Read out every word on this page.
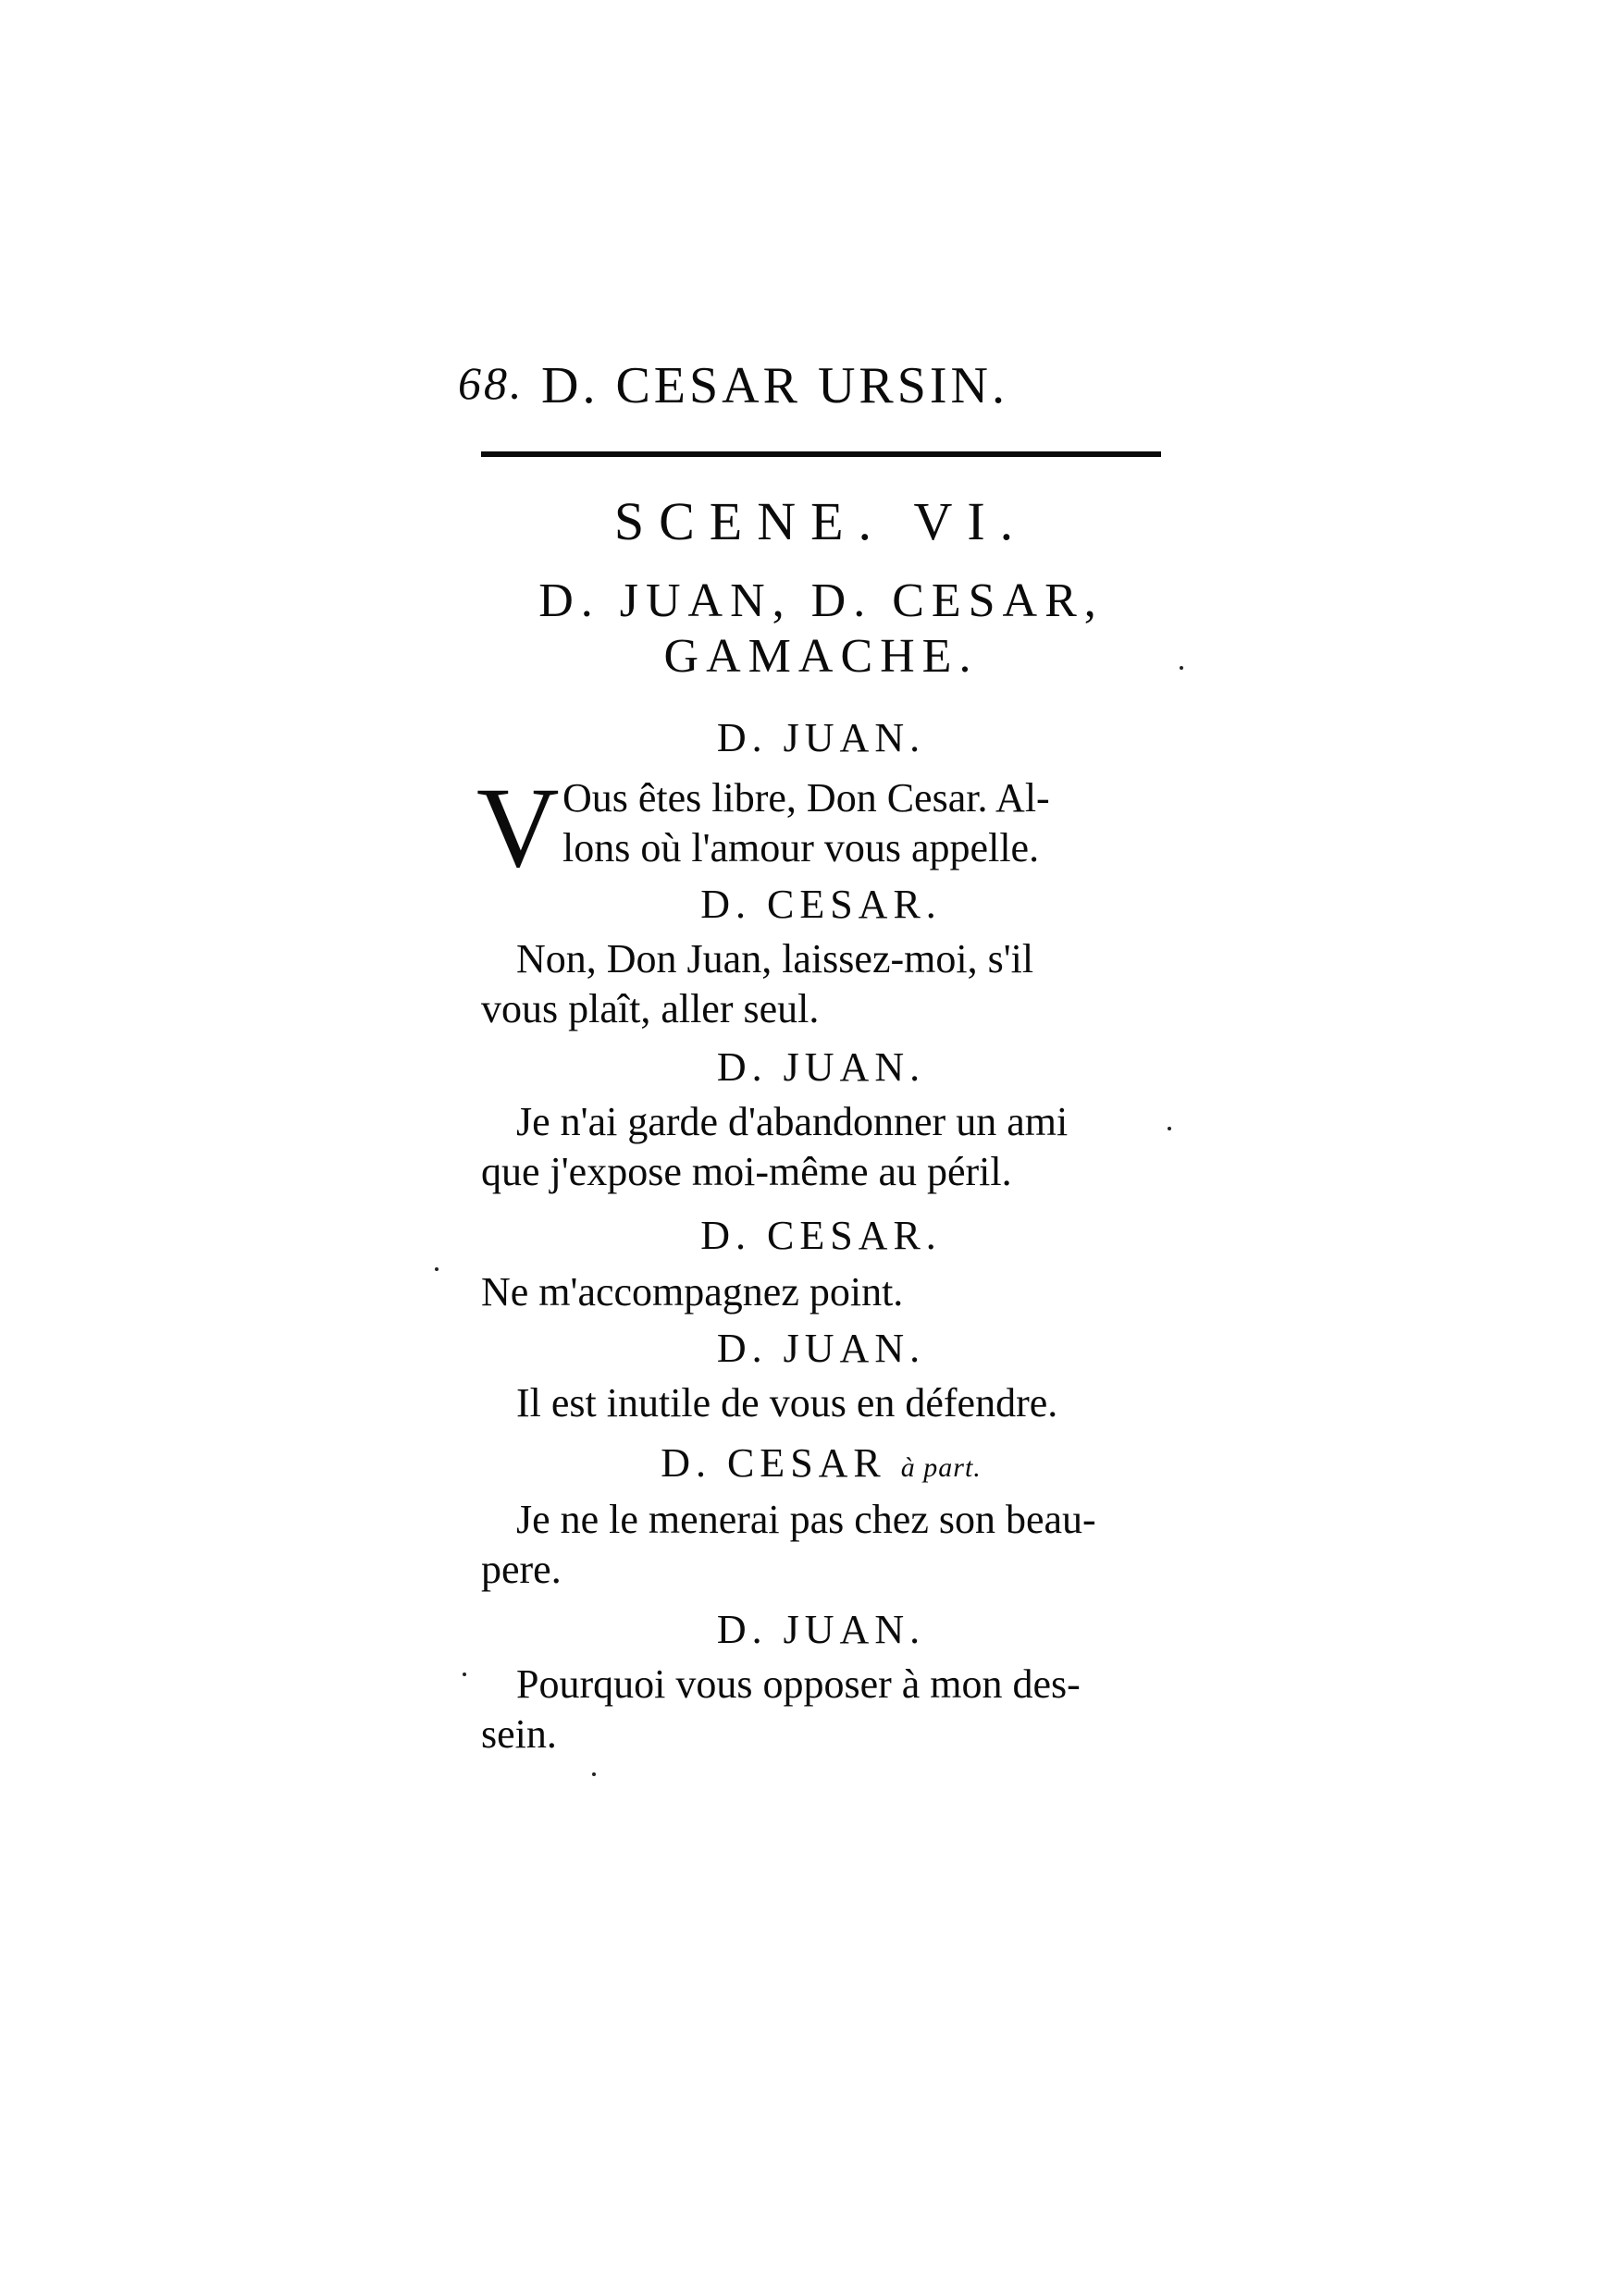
68. D. CESAR URSIN.
SCENE. VI.
D. JUAN, D. CESAR,
GAMACHE.
D. JUAN.
V Ous êtes libre, Don Cesar. Al-
lons où l'amour vous appelle.
D. CESAR.
Non, Don Juan, laissez-moi, s'il
vous plaît, aller seul.
D. JUAN.
Je n'ai garde d'abandonner un ami
que j'expose moi-même au péril.
D. CESAR.
Ne m'accompagnez point.
D. JUAN.
Il est inutile de vous en défendre.
D. CESAR à part.
Je ne le menerai pas chez son beau-
pere.
D. JUAN.
Pourquoi vous opposer à mon des-
sein.
